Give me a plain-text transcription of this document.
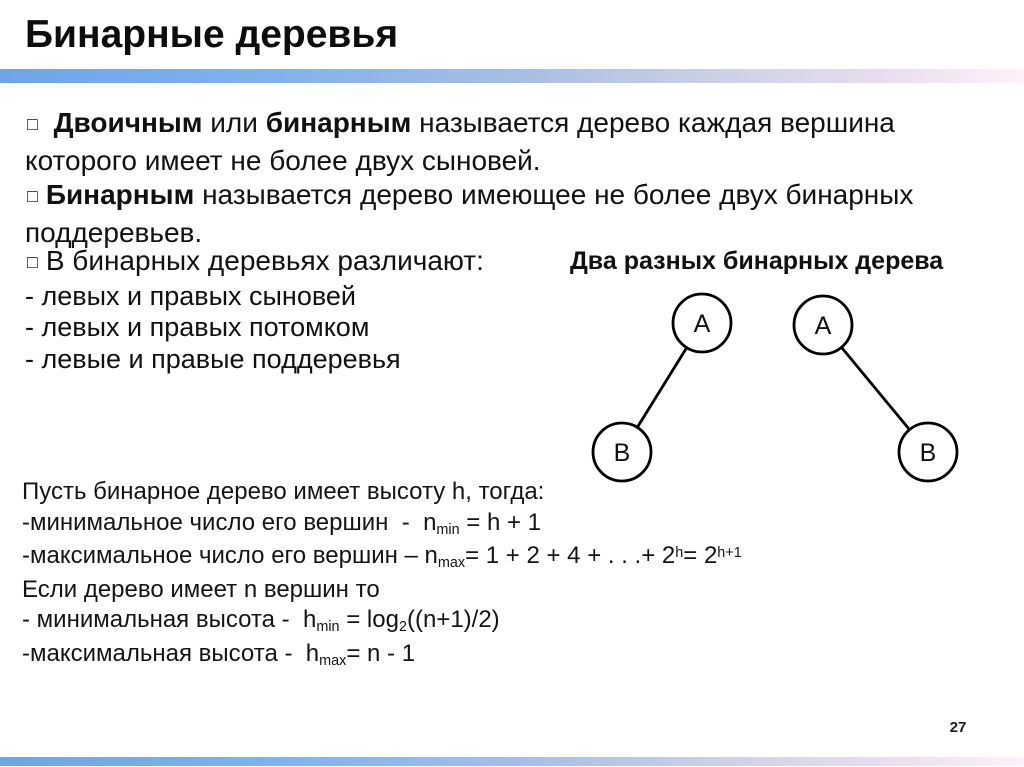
Бинарные деревья
□ Двоичным или бинарным называется дерево каждая вершина которого имеет не более двух сыновей.
□ Бинарным называется дерево имеющее не более двух бинарных поддеревьев.
□ В бинарных деревьях различают:
- левых и правых сыновей
- левых и правых потомком
- левые и правые поддеревья
Два разных бинарных дерева
A
B
A
B
Пусть бинарное дерево имеет высоту h, тогда:
-минимальное число его вершин  -  nmin = h + 1
-максимальное число его вершин – nmax= 1 + 2 + 4 + . . .+ $2^h= 2^{h+1}$
Если дерево имеет n вершин то
- минимальная высота -  hmin = log2((n+1)/2)
-максимальная высота -  hmax= n - 1
27
